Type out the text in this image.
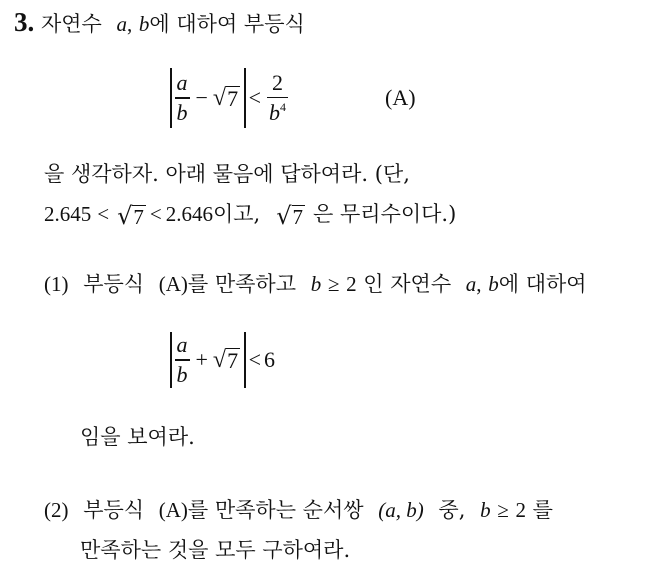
3. 자연수 a, b에 대하여 부등식
$\frac{a}{b}$ − √ $7 < \frac{2}{b^4}$	(A)
을 생각하자. 아래 물음에 답하여라. (단,
2.645 < √ 7 < 2.646 이고, √ 7 은 무리수이다.)
(1) 부등식 (A)를 만족하고 b ≥ 2 인 자연수 a, b에 대하여
$\frac{a}{b}$ + √ 7 < 6
임을 보여라.
(2) 부등식 (A)를 만족하는 순서쌍 (a, b) 중, b ≥ 2 를
만족하는 것을 모두 구하여라.
